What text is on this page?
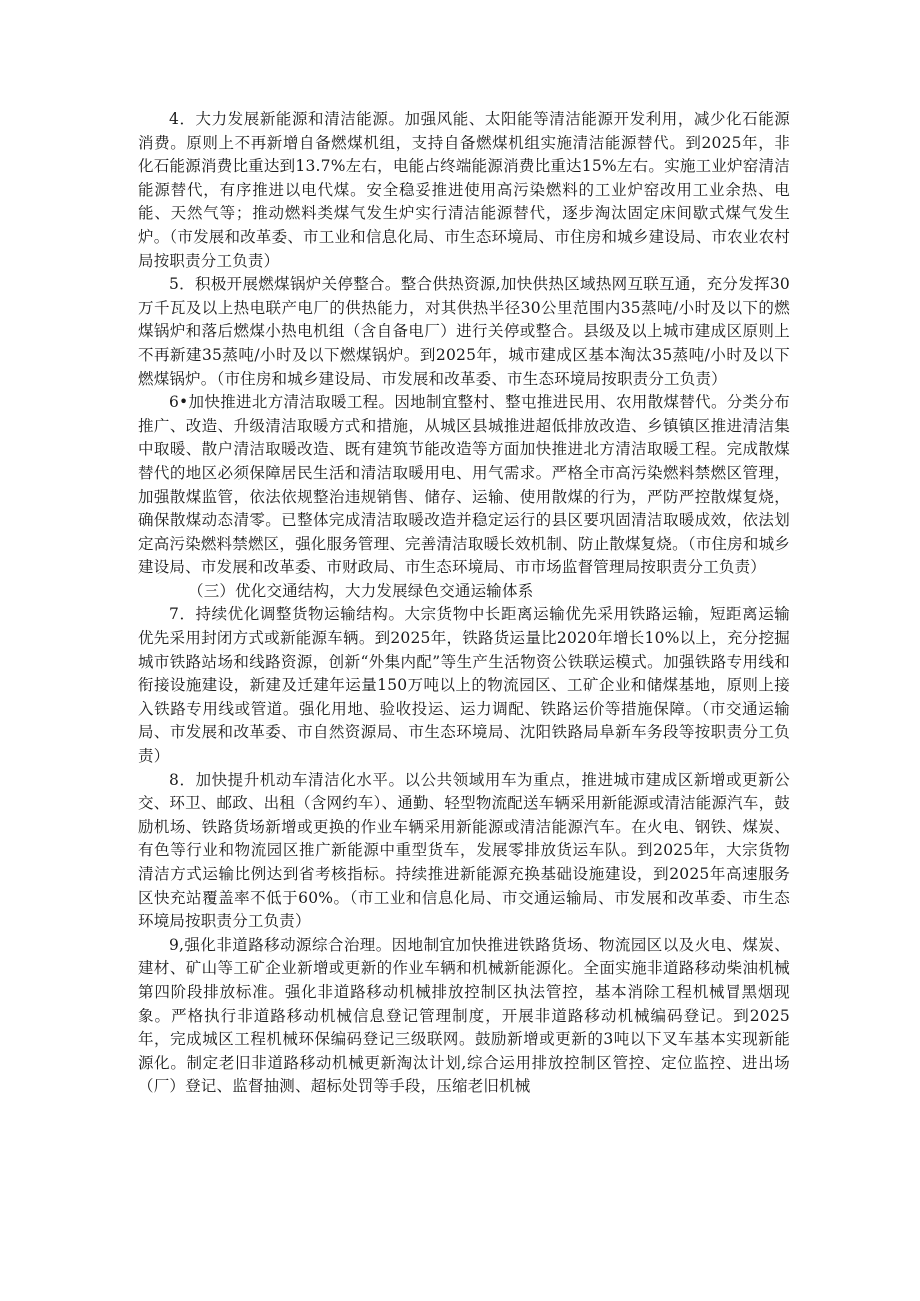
4．大力发展新能源和清洁能源。加强风能、太阳能等清洁能源开发利用，减少化石能源消费。原则上不再新增自备燃煤机组，支持自备燃煤机组实施清洁能源替代。到2025年，非化石能源消费比重达到13.7%左右，电能占终端能源消费比重达15%左右。实施工业炉窑清洁能源替代，有序推进以电代煤。安全稳妥推进使用高污染燃料的工业炉窑改用工业余热、电能、天然气等；推动燃料类煤气发生炉实行清洁能源替代，逐步淘汰固定床间歇式煤气发生炉。（市发展和改革委、市工业和信息化局、市生态环境局、市住房和城乡建设局、市农业农村局按职责分工负责）

5．积极开展燃煤锅炉关停整合。整合供热资源,加快供热区域热网互联互通，充分发挥30万千瓦及以上热电联产电厂的供热能力，对其供热半径30公里范围内35蒸吨/小时及以下的燃煤锅炉和落后燃煤小热电机组（含自备电厂）进行关停或整合。县级及以上城市建成区原则上不再新建35蒸吨/小时及以下燃煤锅炉。到2025年，城市建成区基本淘汰35蒸吨/小时及以下燃煤锅炉。（市住房和城乡建设局、市发展和改革委、市生态环境局按职责分工负责）

6•加快推进北方清洁取暖工程。因地制宜整村、整屯推进民用、农用散煤替代。分类分布推广、改造、升级清洁取暖方式和措施，从城区县城推进超低排放改造、乡镇镇区推进清洁集中取暖、散户清洁取暖改造、既有建筑节能改造等方面加快推进北方清洁取暖工程。完成散煤替代的地区必须保障居民生活和清洁取暖用电、用气需求。严格全市高污染燃料禁燃区管理，加强散煤监管，依法依规整治违规销售、储存、运输、使用散煤的行为，严防严控散煤复烧，确保散煤动态清零。已整体完成清洁取暖改造并稳定运行的县区要巩固清洁取暖成效，依法划定高污染燃料禁燃区，强化服务管理、完善清洁取暖长效机制、防止散煤复烧。（市住房和城乡建设局、市发展和改革委、市财政局、市生态环境局、市市场监督管理局按职责分工负责）

（三）优化交通结构，大力发展绿色交通运输体系

7．持续优化调整货物运输结构。大宗货物中长距离运输优先采用铁路运输，短距离运输优先采用封闭方式或新能源车辆。到2025年，铁路货运量比2020年增长10%以上，充分挖掘城市铁路站场和线路资源，创新“外集内配”等生产生活物资公铁联运模式。加强铁路专用线和衔接设施建设，新建及迁建年运量150万吨以上的物流园区、工矿企业和储煤基地，原则上接入铁路专用线或管道。强化用地、验收投运、运力调配、铁路运价等措施保障。（市交通运输局、市发展和改革委、市自然资源局、市生态环境局、沈阳铁路局阜新车务段等按职责分工负责）

8．加快提升机动车清洁化水平。以公共领域用车为重点，推进城市建成区新增或更新公交、环卫、邮政、出租（含网约车）、通勤、轻型物流配送车辆采用新能源或清洁能源汽车，鼓励机场、铁路货场新增或更换的作业车辆采用新能源或清洁能源汽车。在火电、钢铁、煤炭、有色等行业和物流园区推广新能源中重型货车，发展零排放货运车队。到2025年，大宗货物清洁方式运输比例达到省考核指标。持续推进新能源充换基础设施建设，到2025年高速服务区快充站覆盖率不低于60%。（市工业和信息化局、市交通运输局、市发展和改革委、市生态环境局按职责分工负责）

9,强化非道路移动源综合治理。因地制宜加快推进铁路货场、物流园区以及火电、煤炭、建材、矿山等工矿企业新增或更新的作业车辆和机械新能源化。全面实施非道路移动柴油机械第四阶段排放标准。强化非道路移动机械排放控制区执法管控，基本消除工程机械冒黑烟现象。严格执行非道路移动机械信息登记管理制度，开展非道路移动机械编码登记。到2025年，完成城区工程机械环保编码登记三级联网。鼓励新增或更新的3吨以下叉车基本实现新能源化。制定老旧非道路移动机械更新淘汰计划,综合运用排放控制区管控、定位监控、进出场（厂）登记、监督抽测、超标处罚等手段，压缩老旧机械
